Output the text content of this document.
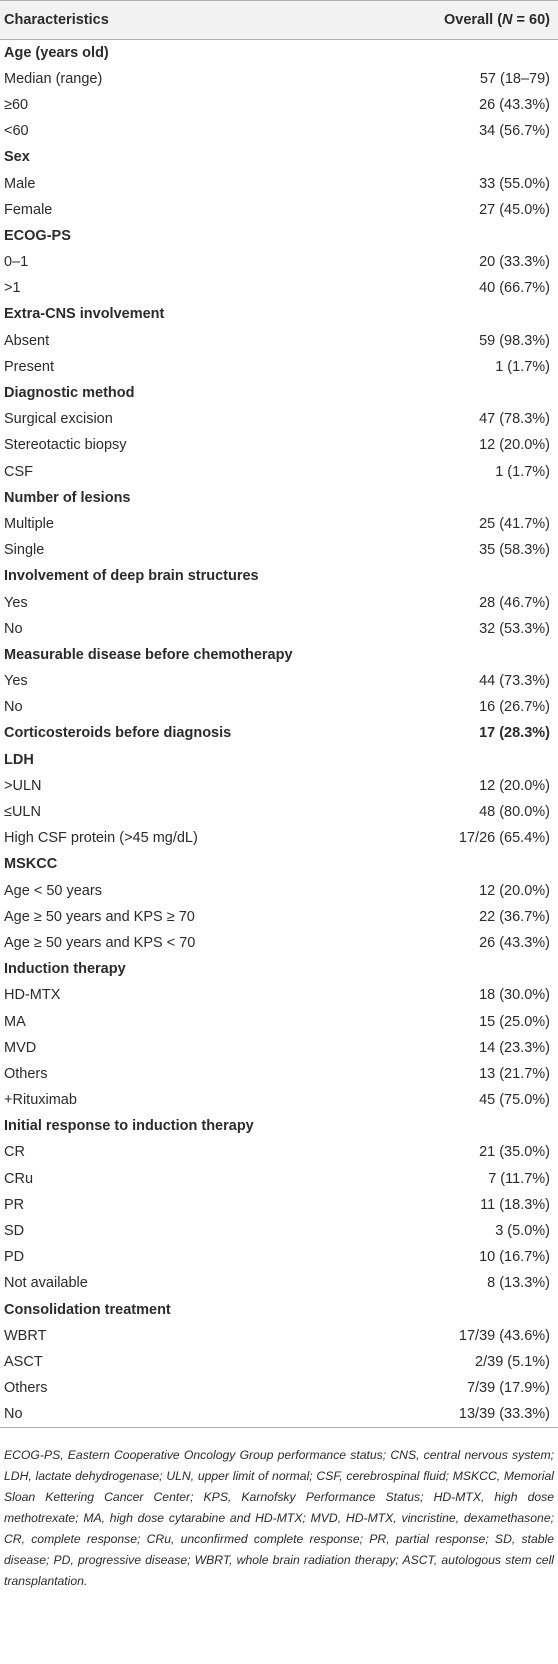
Characteristics	Overall (N = 60)
Age (years old)	
Median (range)	57 (18–79)
≥60	26 (43.3%)
<60	34 (56.7%)
Sex	
Male	33 (55.0%)
Female	27 (45.0%)
ECOG-PS	
0–1	20 (33.3%)
>1	40 (66.7%)
Extra-CNS involvement	
Absent	59 (98.3%)
Present	1 (1.7%)
Diagnostic method	
Surgical excision	47 (78.3%)
Stereotactic biopsy	12 (20.0%)
CSF	1 (1.7%)
Number of lesions	
Multiple	25 (41.7%)
Single	35 (58.3%)
Involvement of deep brain structures	
Yes	28 (46.7%)
No	32 (53.3%)
Measurable disease before chemotherapy	
Yes	44 (73.3%)
No	16 (26.7%)
Corticosteroids before diagnosis	17 (28.3%)
LDH	
>ULN	12 (20.0%)
≤ULN	48 (80.0%)
High CSF protein (>45 mg/dL)	17/26 (65.4%)
MSKCC	
Age < 50 years	12 (20.0%)
Age ≥ 50 years and KPS ≥ 70	22 (36.7%)
Age ≥ 50 years and KPS < 70	26 (43.3%)
Induction therapy	
HD-MTX	18 (30.0%)
MA	15 (25.0%)
MVD	14 (23.3%)
Others	13 (21.7%)
+Rituximab	45 (75.0%)
Initial response to induction therapy	
CR	21 (35.0%)
CRu	7 (11.7%)
PR	11 (18.3%)
SD	3 (5.0%)
PD	10 (16.7%)
Not available	8 (13.3%)
Consolidation treatment	
WBRT	17/39 (43.6%)
ASCT	2/39 (5.1%)
Others	7/39 (17.9%)
No	13/39 (33.3%)

ECOG-PS, Eastern Cooperative Oncology Group performance status; CNS, central nervous system; LDH, lactate dehydrogenase; ULN, upper limit of normal; CSF, cerebrospinal fluid; MSKCC, Memorial Sloan Kettering Cancer Center; KPS, Karnofsky Performance Status; HD-MTX, high dose methotrexate; MA, high dose cytarabine and HD-MTX; MVD, HD-MTX, vincristine, dexamethasone; CR, complete response; CRu, unconfirmed complete response; PR, partial response; SD, stable disease; PD, progressive disease; WBRT, whole brain radiation therapy; ASCT, autologous stem cell transplantation.
